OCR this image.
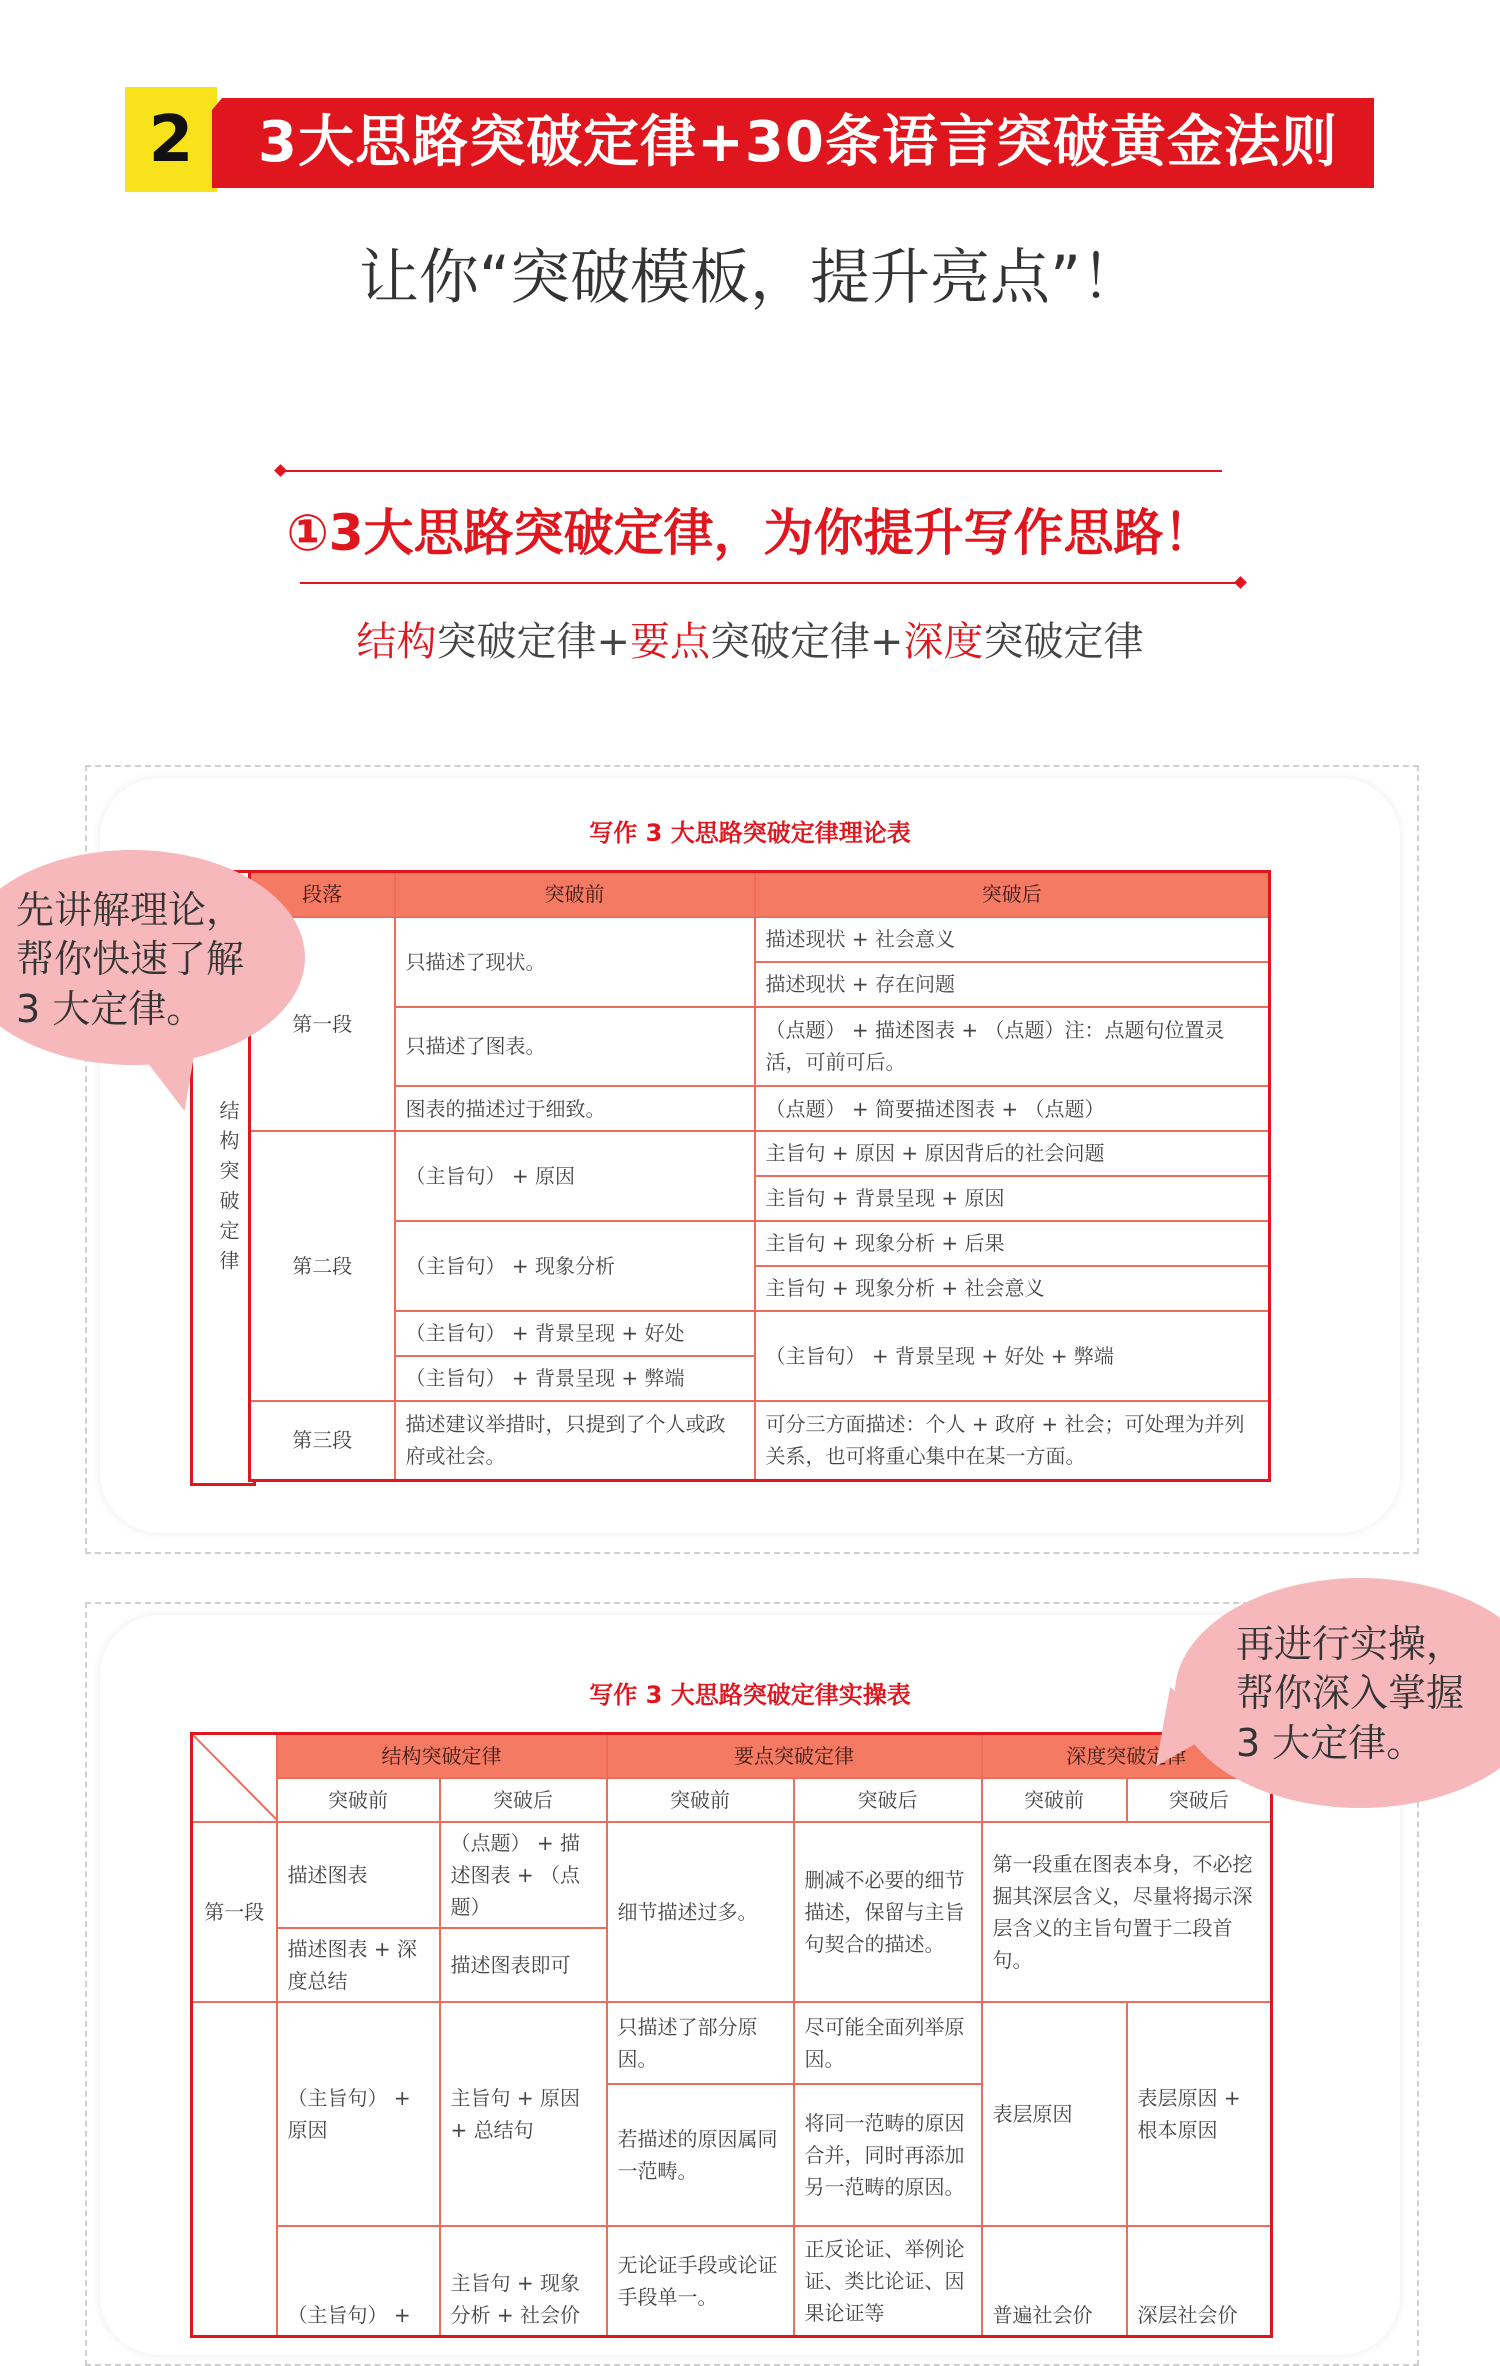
2	3大思路突破定律+30条语言突破黄金法则
让你“突破模板，提升亮点”！
①3大思路突破定律，为你提升写作思路！
结构突破定律+要点突破定律+深度突破定律
写作 3 大思路突破定律理论表
结构突破定律
段落	突破前	突破后
第一段	只描述了现状。	描述现状 + 社会意义
		描述现状 + 存在问题
	只描述了图表。	（点题） + 描述图表 + （点题）注：点题句位置灵活，可前可后。
	图表的描述过于细致。	（点题） + 简要描述图表 + （点题）
第二段	（主旨句） + 原因	主旨句 + 原因 + 原因背后的社会问题
		主旨句 + 背景呈现 + 原因
	（主旨句） + 现象分析	主旨句 + 现象分析 + 后果
		主旨句 + 现象分析 + 社会意义
	（主旨句） + 背景呈现 + 好处	（主旨句） + 背景呈现 + 好处 + 弊端
	（主旨句） + 背景呈现 + 弊端	
第三段	描述建议举措时，只提到了个人或政府或社会。	可分三方面描述：个人 + 政府 + 社会；可处理为并列关系，也可将重心集中在某一方面。
先讲解理论，
帮你快速了解
3 大定律。
写作 3 大思路突破定律实操表
	结构突破定律		要点突破定律		深度突破定律	
	突破前	突破后	突破前	突破后	突破前	突破后
第一段	描述图表	（点题） + 描述图表 + （点题）	细节描述过多。	删减不必要的细节描述，保留与主旨句契合的描述。	第一段重在图表本身，不必挖掘其深层含义，尽量将揭示深层含义的主旨句置于二段首句。	
	描述图表 + 深度总结	描述图表即可				
	（主旨句） + 原因	主旨句 + 原因 + 总结句	只描述了部分原因。	尽可能全面列举原因。	表层原因	表层原因 + 根本原因
			若描述的原因属同一范畴。	将同一范畴的原因合并，同时再添加另一范畴的原因。		
	（主旨句） +	主旨句 + 现象分析 + 社会价	无论证手段或论证手段单一。	正反论证、举例论证、类比论证、因果论证等	普遍社会价	深层社会价
再进行实操，
帮你深入掌握
3 大定律。
